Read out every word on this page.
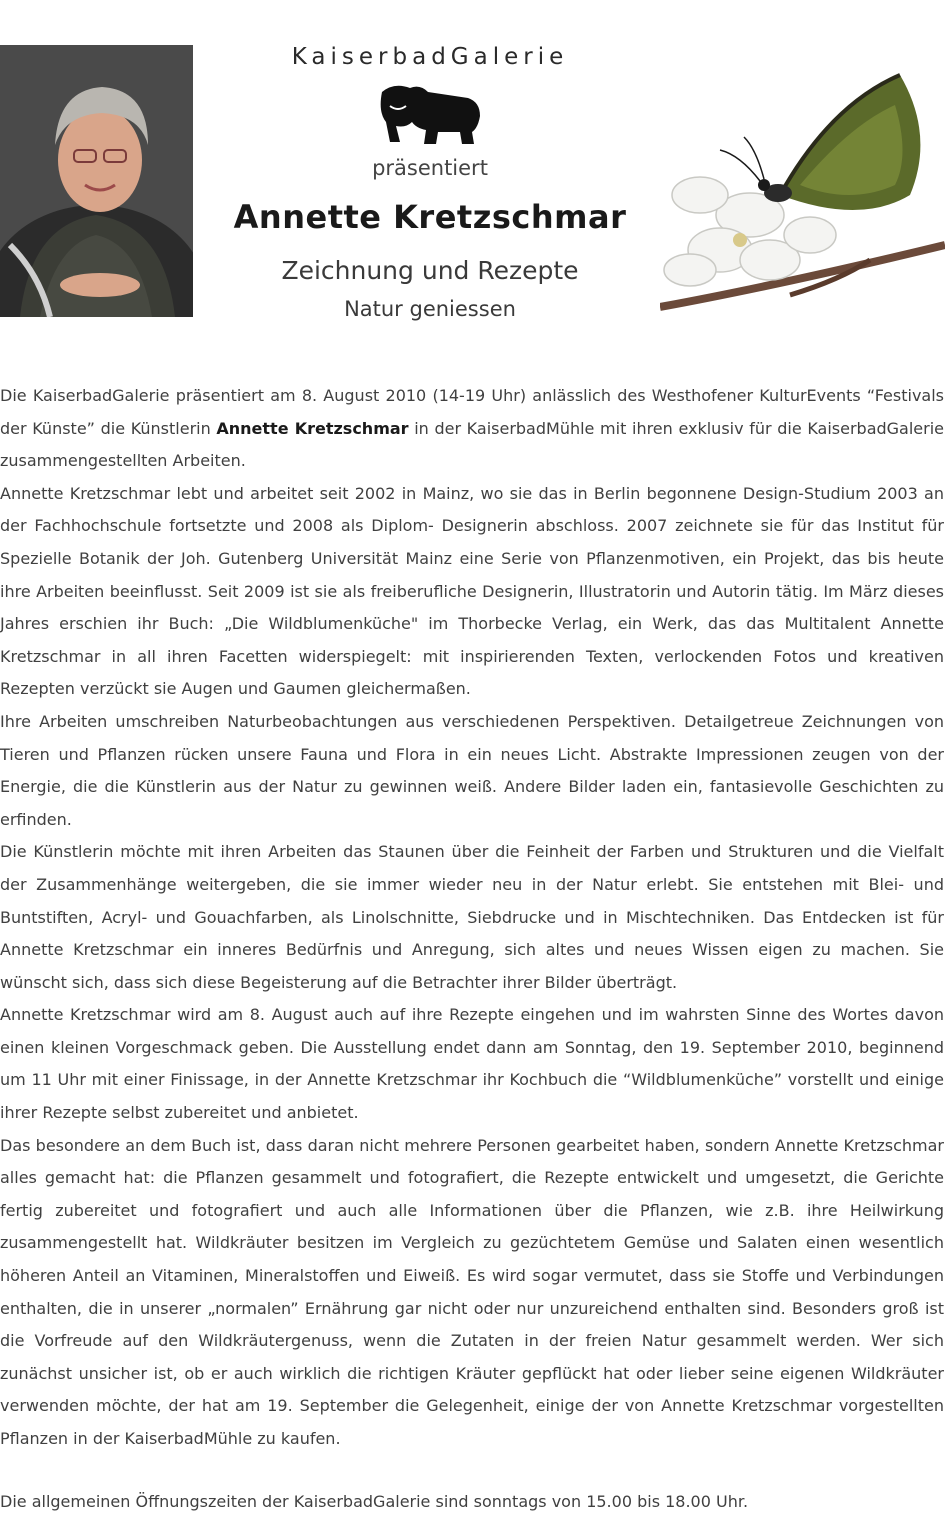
KaiserbadGalerie
präsentiert
Annette Kretzschmar
Zeichnung und Rezepte
Natur geniessen

Die KaiserbadGalerie präsentiert am 8. August 2010 (14-19 Uhr) anlässlich des Westhofener KulturEvents “Festivals der Künste” die Künstlerin Annette Kretzschmar in der KaiserbadMühle mit ihren exklusiv für die KaiserbadGalerie zusammengestellten Arbeiten.

Annette Kretzschmar lebt und arbeitet seit 2002 in Mainz, wo sie das in Berlin begonnene Design-Studium 2003 an der Fachhochschule fortsetzte und 2008 als Diplom- Designerin abschloss. 2007 zeichnete sie für das Institut für Spezielle Botanik der Joh. Gutenberg Universität Mainz eine Serie von Pflanzenmotiven, ein Projekt, das bis heute ihre Arbeiten beeinflusst. Seit 2009 ist sie als freiberufliche Designerin, Illustratorin und Autorin tätig. Im März dieses Jahres erschien ihr Buch: „Die Wildblumenküche" im Thorbecke Verlag, ein Werk, das das Multitalent Annette Kretzschmar in all ihren Facetten widerspiegelt: mit inspirierenden Texten, verlockenden Fotos und kreativen Rezepten verzückt sie Augen und Gaumen gleichermaßen.

Ihre Arbeiten umschreiben Naturbeobachtungen aus verschiedenen Perspektiven. Detailgetreue Zeichnungen von Tieren und Pflanzen rücken unsere Fauna und Flora in ein neues Licht. Abstrakte Impressionen zeugen von der Energie, die die Künstlerin aus der Natur zu gewinnen weiß. Andere Bilder laden ein, fantasievolle Geschichten zu erfinden.

Die Künstlerin möchte mit ihren Arbeiten das Staunen über die Feinheit der Farben und Strukturen und die Vielfalt der Zusammenhänge weitergeben, die sie immer wieder neu in der Natur erlebt. Sie entstehen mit Blei- und Buntstiften, Acryl- und Gouachfarben, als Linolschnitte, Siebdrucke und in Mischtechniken. Das Entdecken ist für Annette Kretzschmar ein inneres Bedürfnis und Anregung, sich altes und neues Wissen eigen zu machen. Sie wünscht sich, dass sich diese Begeisterung auf die Betrachter ihrer Bilder überträgt.

Annette Kretzschmar wird am 8. August auch auf ihre Rezepte eingehen und im wahrsten Sinne des Wortes davon einen kleinen Vorgeschmack geben. Die Ausstellung endet dann am Sonntag, den 19. September 2010, beginnend um 11 Uhr mit einer Finissage, in der Annette Kretzschmar ihr Kochbuch die “Wildblumenküche” vorstellt und einige ihrer Rezepte selbst zubereitet und anbietet.

Das besondere an dem Buch ist, dass daran nicht mehrere Personen gearbeitet haben, sondern Annette Kretzschmar alles gemacht hat: die Pflanzen gesammelt und fotografiert, die Rezepte entwickelt und umgesetzt, die Gerichte fertig zubereitet und fotografiert und auch alle Informationen über die Pflanzen, wie z.B. ihre Heilwirkung zusammengestellt hat. Wildkräuter besitzen im Vergleich zu gezüchtetem Gemüse und Salaten einen wesentlich höheren Anteil an Vitaminen, Mineralstoffen und Eiweiß. Es wird sogar vermutet, dass sie Stoffe und Verbindungen enthalten, die in unserer „normalen” Ernährung gar nicht oder nur unzureichend enthalten sind. Besonders groß ist die Vorfreude auf den Wildkräutergenuss, wenn die Zutaten in der freien Natur gesammelt werden. Wer sich zunächst unsicher ist, ob er auch wirklich die richtigen Kräuter gepflückt hat oder lieber seine eigenen Wildkräuter verwenden möchte, der hat am 19. September die Gelegenheit, einige der von Annette Kretzschmar vorgestellten Pflanzen in der KaiserbadMühle zu kaufen.

Die allgemeinen Öffnungszeiten der KaiserbadGalerie sind sonntags von 15.00 bis 18.00 Uhr.
